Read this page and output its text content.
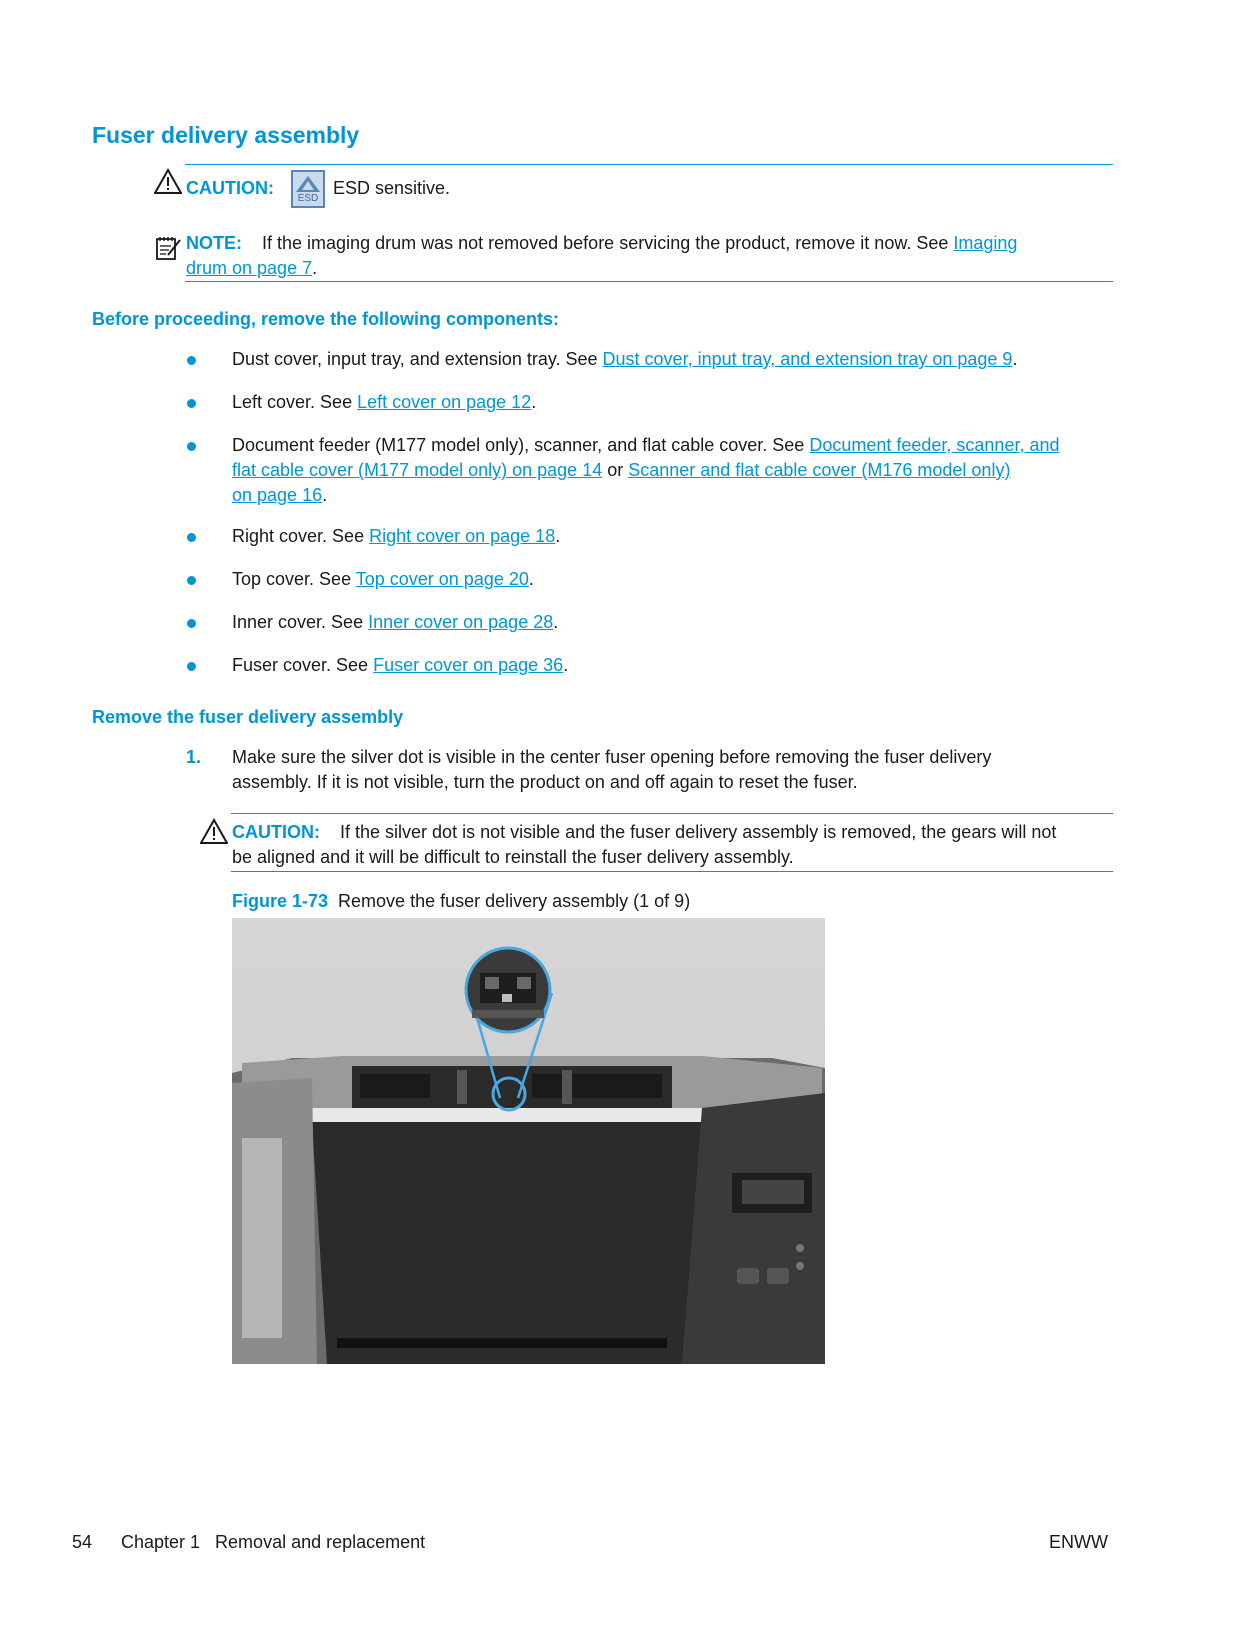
Fuser delivery assembly
CAUTION:
ESD
ESD sensitive.
NOTE: If the imaging drum was not removed before servicing the product, remove it now. See Imaging
drum on page 7.
Before proceeding, remove the following components:
Dust cover, input tray, and extension tray. See Dust cover, input tray, and extension tray on page 9.
Left cover. See Left cover on page 12.
Document feeder (M177 model only), scanner, and flat cable cover. See Document feeder, scanner, and
flat cable cover (M177 model only) on page 14 or Scanner and flat cable cover (M176 model only)
on page 16.
Right cover. See Right cover on page 18.
Top cover. See Top cover on page 20.
Inner cover. See Inner cover on page 28.
Fuser cover. See Fuser cover on page 36.
Remove the fuser delivery assembly
1. Make sure the silver dot is visible in the center fuser opening before removing the fuser delivery
assembly. If it is not visible, turn the product on and off again to reset the fuser.
CAUTION: If the silver dot is not visible and the fuser delivery assembly is removed, the gears will not
be aligned and it will be difficult to reinstall the fuser delivery assembly.
Figure 1-73 Remove the fuser delivery assembly (1 of 9)
54 Chapter 1   Removal and replacement	ENWW
